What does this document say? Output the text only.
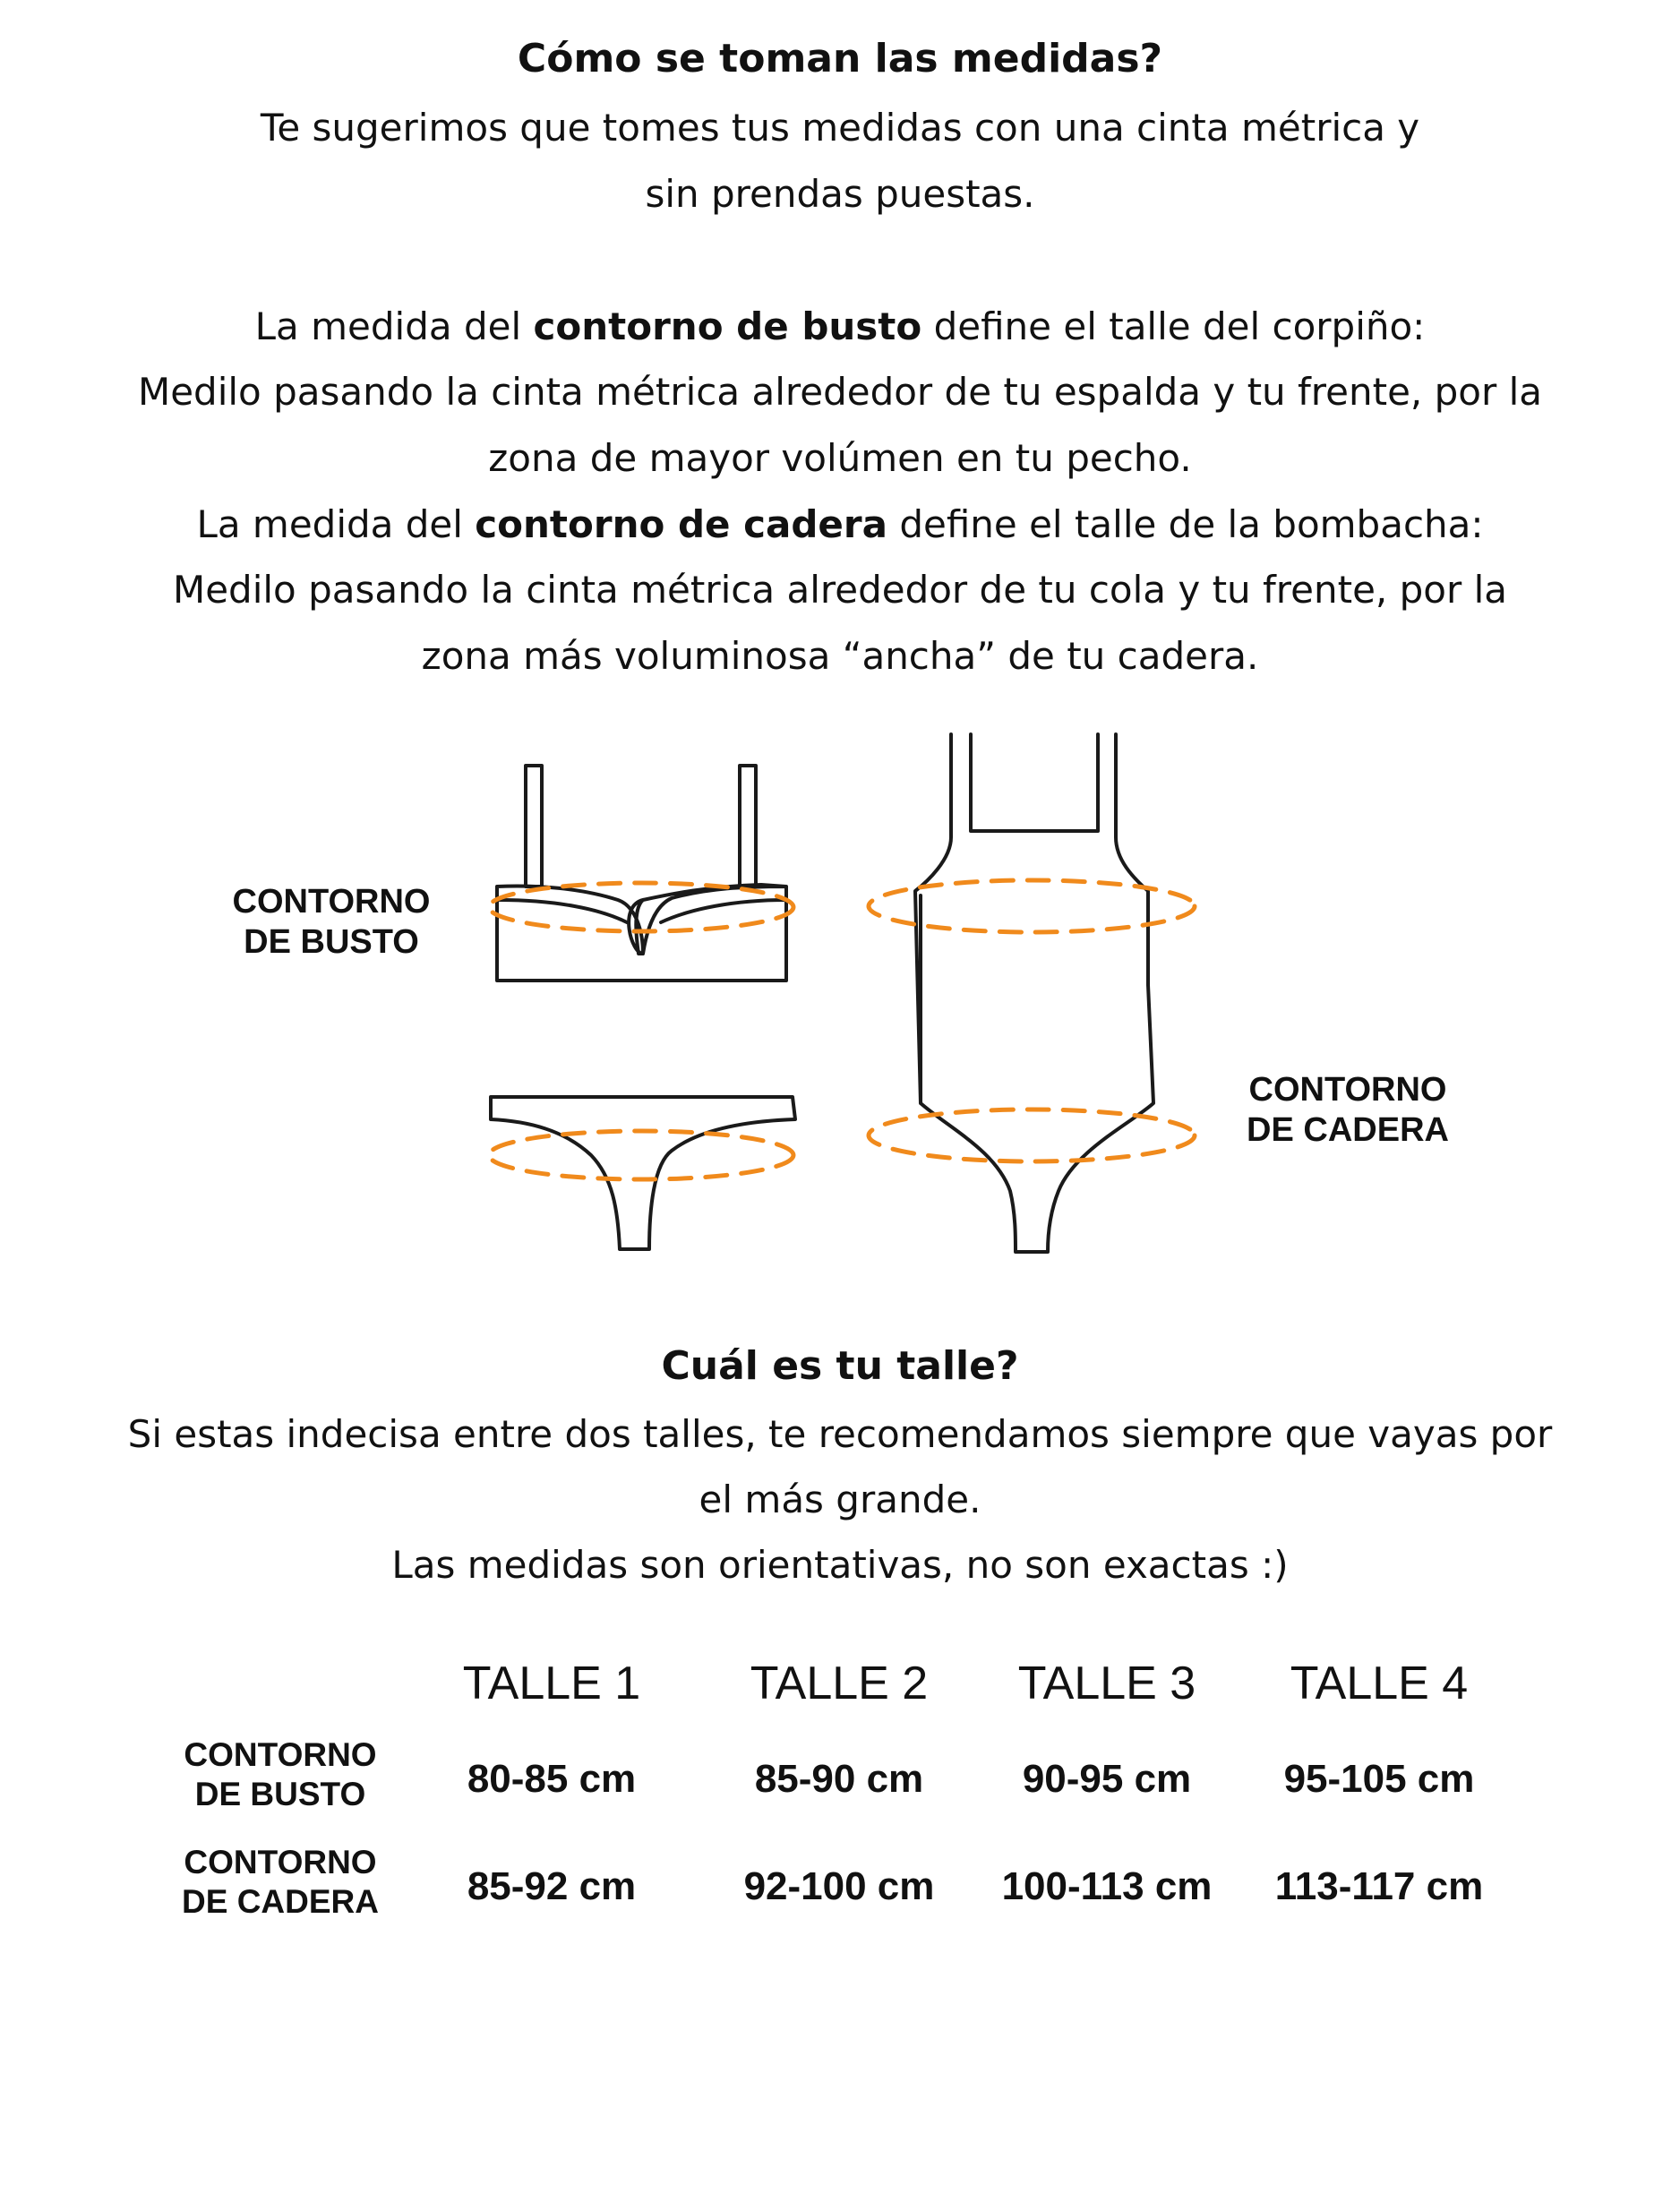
Cómo se toman las medidas?
Te sugerimos que tomes tus medidas con una cinta métrica y
sin prendas puestas.
La medida del contorno de busto define el talle del corpiño:
Medilo pasando la cinta métrica alrededor de tu espalda y tu frente, por la
zona de mayor volúmen en tu pecho.
La medida del contorno de cadera define el talle de la bombacha:
Medilo pasando la cinta métrica alrededor de tu cola y tu frente, por la
zona más voluminosa “ancha” de tu cadera.
CONTORNO
DE BUSTO
CONTORNO
DE CADERA
Cuál es tu talle?
Si estas indecisa entre dos talles, te recomendamos siempre que vayas por
el más grande.
Las medidas son orientativas, no son exactas :)
TALLE 1	TALLE 2	TALLE 3	TALLE 4
CONTORNO
DE BUSTO	80-85 cm	85-90 cm	90-95 cm	95-105 cm
CONTORNO
DE CADERA	85-92 cm	92-100 cm	100-113 cm	113-117 cm
